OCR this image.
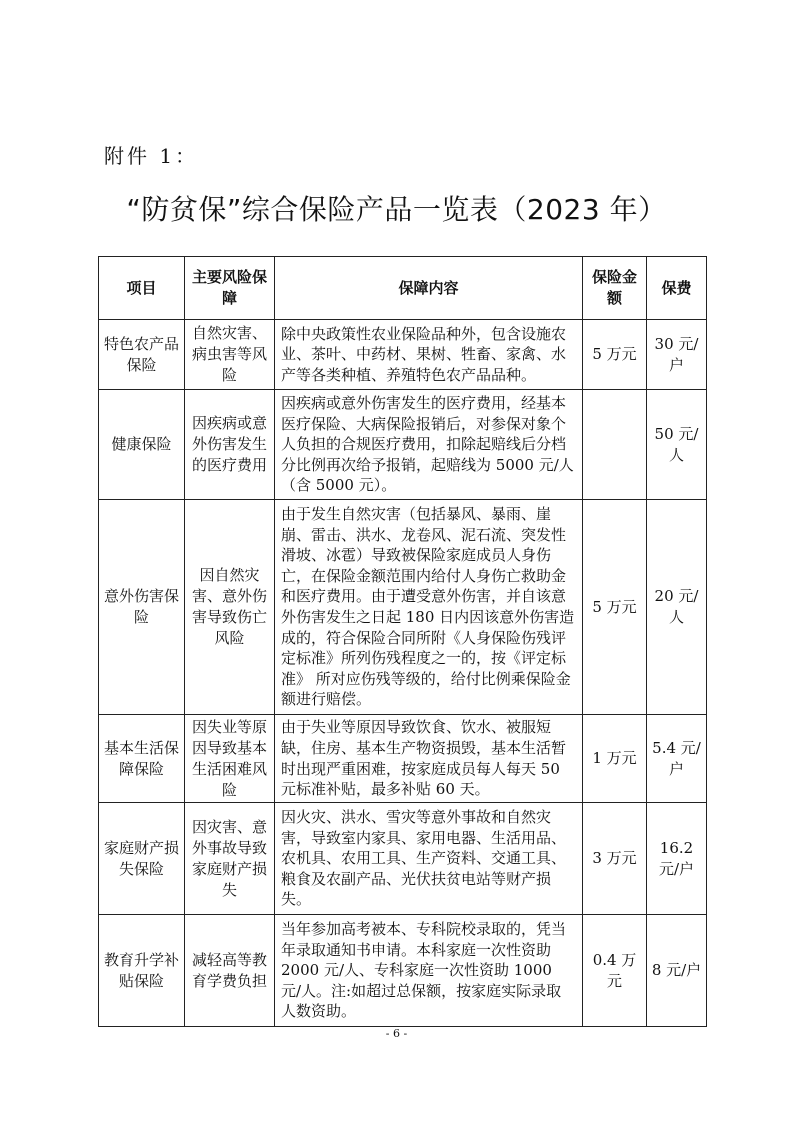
附件 1：
“防贫保”综合保险产品一览表（2023 年）
项目	主要风险保障	保障内容	保险金额	保费
特色农产品保险	自然灾害、病虫害等风险	除中央政策性农业保险品种外，包含设施农业、茶叶、中药材、果树、牲畜、家禽、水产等各类种植、养殖特色农产品品种。	5 万元	30 元/户
健康保险	因疾病或意外伤害发生的医疗费用	因疾病或意外伤害发生的医疗费用，经基本医疗保险、大病保险报销后，对参保对象个人负担的合规医疗费用，扣除起赔线后分档分比例再次给予报销，起赔线为 5000 元/人（含 5000 元）。		50 元/人
意外伤害保险	因自然灾害、意外伤害导致伤亡风险	由于发生自然灾害（包括暴风、暴雨、崖崩、雷击、洪水、龙卷风、泥石流、突发性滑坡、冰雹）导致被保险家庭成员人身伤亡，在保险金额范围内给付人身伤亡救助金和医疗费用。由于遭受意外伤害，并自该意外伤害发生之日起 180 日内因该意外伤害造成的，符合保险合同所附《人身保险伤残评定标准》所列伤残程度之一的，按《评定标准》 所对应伤残等级的，给付比例乘保险金额进行赔偿。	5 万元	20 元/人
基本生活保障保险	因失业等原因导致基本生活困难风险	由于失业等原因导致饮食、饮水、被服短缺，住房、基本生产物资损毁，基本生活暂时出现严重困难，按家庭成员每人每天 50 元标准补贴，最多补贴 60 天。	1 万元	5.4 元/户
家庭财产损失保险	因灾害、意外事故导致家庭财产损失	因火灾、洪水、雪灾等意外事故和自然灾害，导致室内家具、家用电器、生活用品、农机具、农用工具、生产资料、交通工具、粮食及农副产品、光伏扶贫电站等财产损失。	3 万元	16.2 元/户
教育升学补贴保险	减轻高等教育学费负担	当年参加高考被本、专科院校录取的，凭当年录取通知书申请。本科家庭一次性资助 2000 元/人、专科家庭一次性资助 1000 元/人。注:如超过总保额，按家庭实际录取人数资助。	0.4 万元	8 元/户
- 6 -
